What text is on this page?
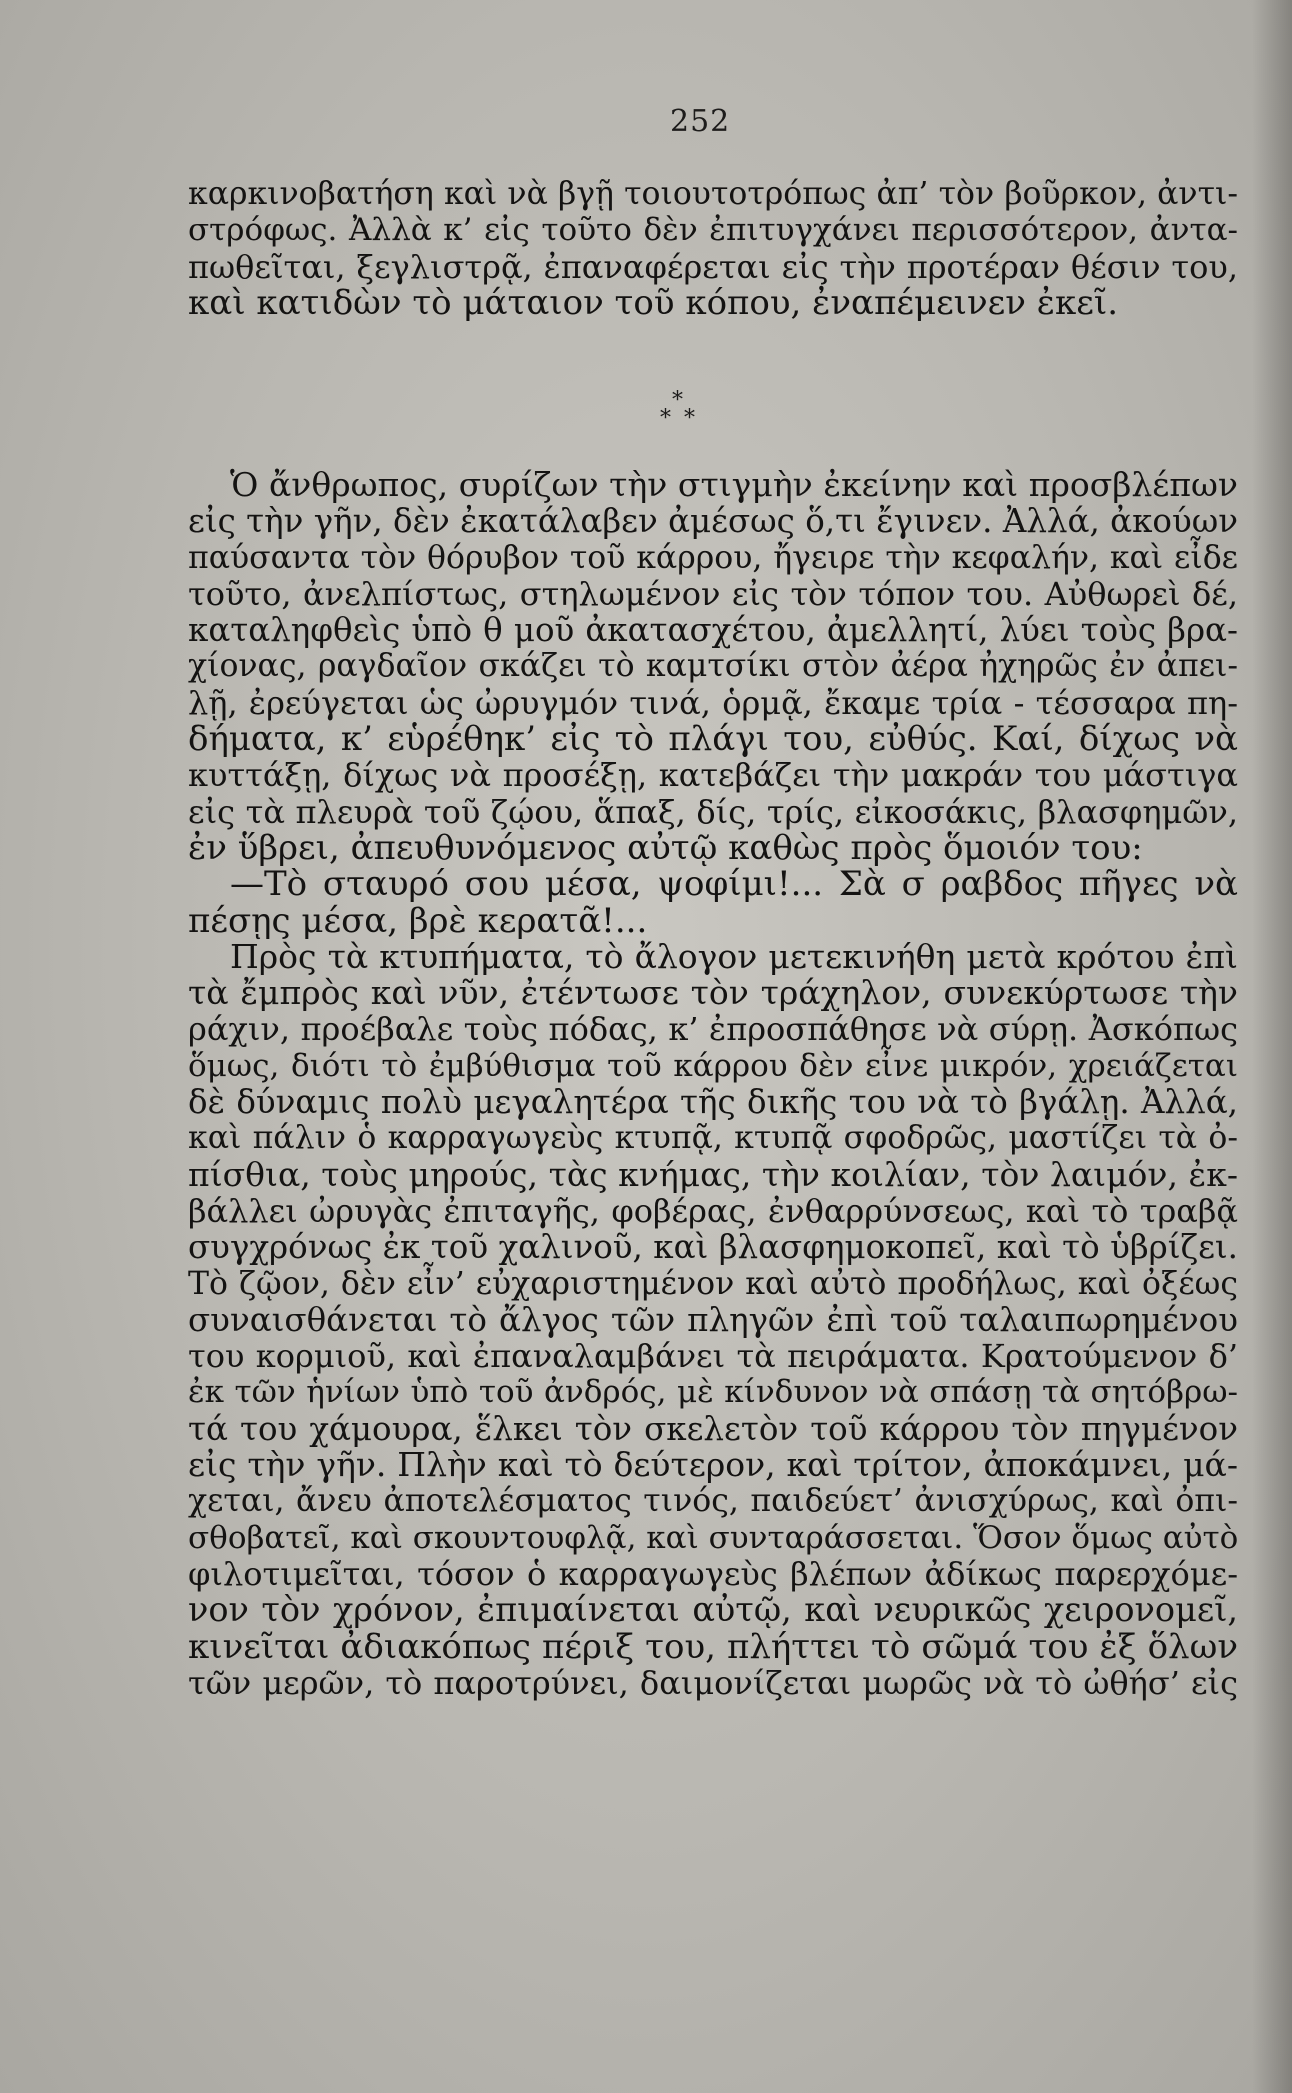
252
καρκινοβατήση καὶ νὰ βγῇ τοιουτοτρόπως ἀπ’ τὸν βοῦρκον, ἀντι-
στρόφως. Ἀλλὰ κ’ εἰς τοῦτο δὲν ἐπιτυγχάνει περισσότερον, ἀντα-
πωθεῖται, ξεγλιστρᾷ, ἐπαναφέρεται εἰς τὴν προτέραν θέσιν του,
καὶ κατιδὼν τὸ μάταιον τοῦ κόπου, ἐναπέμεινεν ἐκεῖ.
*
* *
Ὁ ἄνθρωπος, συρίζων τὴν στιγμὴν ἐκείνην καὶ προσβλέπων
εἰς τὴν γῆν, δὲν ἐκατάλαβεν ἀμέσως ὅ,τι ἔγινεν. Ἀλλά, ἀκούων
παύσαντα τὸν θόρυβον τοῦ κάρρου, ἤγειρε τὴν κεφαλήν, καὶ εἶδε
τοῦτο, ἀνελπίστως, στηλωμένον εἰς τὸν τόπον του. Αὐθωρεὶ δέ,
καταληφθεὶς ὑπὸ θ μοῦ ἀκατασχέτου, ἀμελλητί, λύει τοὺς βρα-
χίονας, ραγδαῖον σκάζει τὸ καμτσίκι στὸν ἀέρα ἠχηρῶς ἐν ἀπει-
λῇ, ἐρεύγεται ὡς ὠρυγμόν τινά, ὁρμᾷ, ἔκαμε τρία - τέσσαρα πη-
δήματα, κ’ εὑρέθηκ’ εἰς τὸ πλάγι του, εὐθύς. Καί, δίχως νὰ
κυττάξῃ, δίχως νὰ προσέξῃ, κατεβάζει τὴν μακράν του μάστιγα
εἰς τὰ πλευρὰ τοῦ ζῴου, ἅπαξ, δίς, τρίς, εἰκοσάκις, βλασφημῶν,
ἐν ὕβρει, ἀπευθυνόμενος αὐτῷ καθὼς πρὸς ὅμοιόν του:
—Τὸ σταυρό σου μέσα, ψοφίμι!... Σὰ σ ραβδος πῆγες νὰ
πέσῃς μέσα, βρὲ κερατᾶ!...
Πρὸς τὰ κτυπήματα, τὸ ἄλογον μετεκινήθη μετὰ κρότου ἐπὶ
τὰ ἔμπρὸς καὶ νῦν, ἐτέντωσε τὸν τράχηλον, συνεκύρτωσε τὴν
ράχιν, προέβαλε τοὺς πόδας, κ’ ἐπροσπάθησε νὰ σύρῃ. Ἀσκόπως
ὅμως, διότι τὸ ἐμβύθισμα τοῦ κάρρου δὲν εἶνε μικρόν, χρειάζεται
δὲ δύναμις πολὺ μεγαλητέρα τῆς δικῆς του νὰ τὸ βγάλῃ. Ἀλλά,
καὶ πάλιν ὁ καρραγωγεὺς κτυπᾷ, κτυπᾷ σφοδρῶς, μαστίζει τὰ ὀ-
πίσθια, τοὺς μηρούς, τὰς κνήμας, τὴν κοιλίαν, τὸν λαιμόν, ἐκ-
βάλλει ὠρυγὰς ἐπιταγῆς, φοβέρας, ἐνθαρρύνσεως, καὶ τὸ τραβᾷ
συγχρόνως ἐκ τοῦ χαλινοῦ, καὶ βλασφημοκοπεῖ, καὶ τὸ ὑβρίζει.
Τὸ ζῷον, δὲν εἶν’ εὐχαριστημένον καὶ αὐτὸ προδήλως, καὶ ὀξέως
συναισθάνεται τὸ ἄλγος τῶν πληγῶν ἐπὶ τοῦ ταλαιπωρημένου
του κορμιοῦ, καὶ ἐπαναλαμβάνει τὰ πειράματα. Κρατούμενον δ’
ἐκ τῶν ἡνίων ὑπὸ τοῦ ἀνδρός, μὲ κίνδυνον νὰ σπάσῃ τὰ σητόβρω-
τά του χάμουρα, ἕλκει τὸν σκελετὸν τοῦ κάρρου τὸν πηγμένον
εἰς τὴν γῆν. Πλὴν καὶ τὸ δεύτερον, καὶ τρίτον, ἀποκάμνει, μά-
χεται, ἄνευ ἀποτελέσματος τινός, παιδεύετ’ ἀνισχύρως, καὶ ὀπι-
σθοβατεῖ, καὶ σκουντουφλᾷ, καὶ συνταράσσεται. Ὅσον ὅμως αὐτὸ
φιλοτιμεῖται, τόσον ὁ καρραγωγεὺς βλέπων ἀδίκως παρερχόμε-
νον τὸν χρόνον, ἐπιμαίνεται αὐτῷ, καὶ νευρικῶς χειρονομεῖ,
κινεῖται ἀδιακόπως πέριξ του, πλήττει τὸ σῶμά του ἐξ ὅλων
τῶν μερῶν, τὸ παροτρύνει, δαιμονίζεται μωρῶς νὰ τὸ ὠθήσ’ εἰς
